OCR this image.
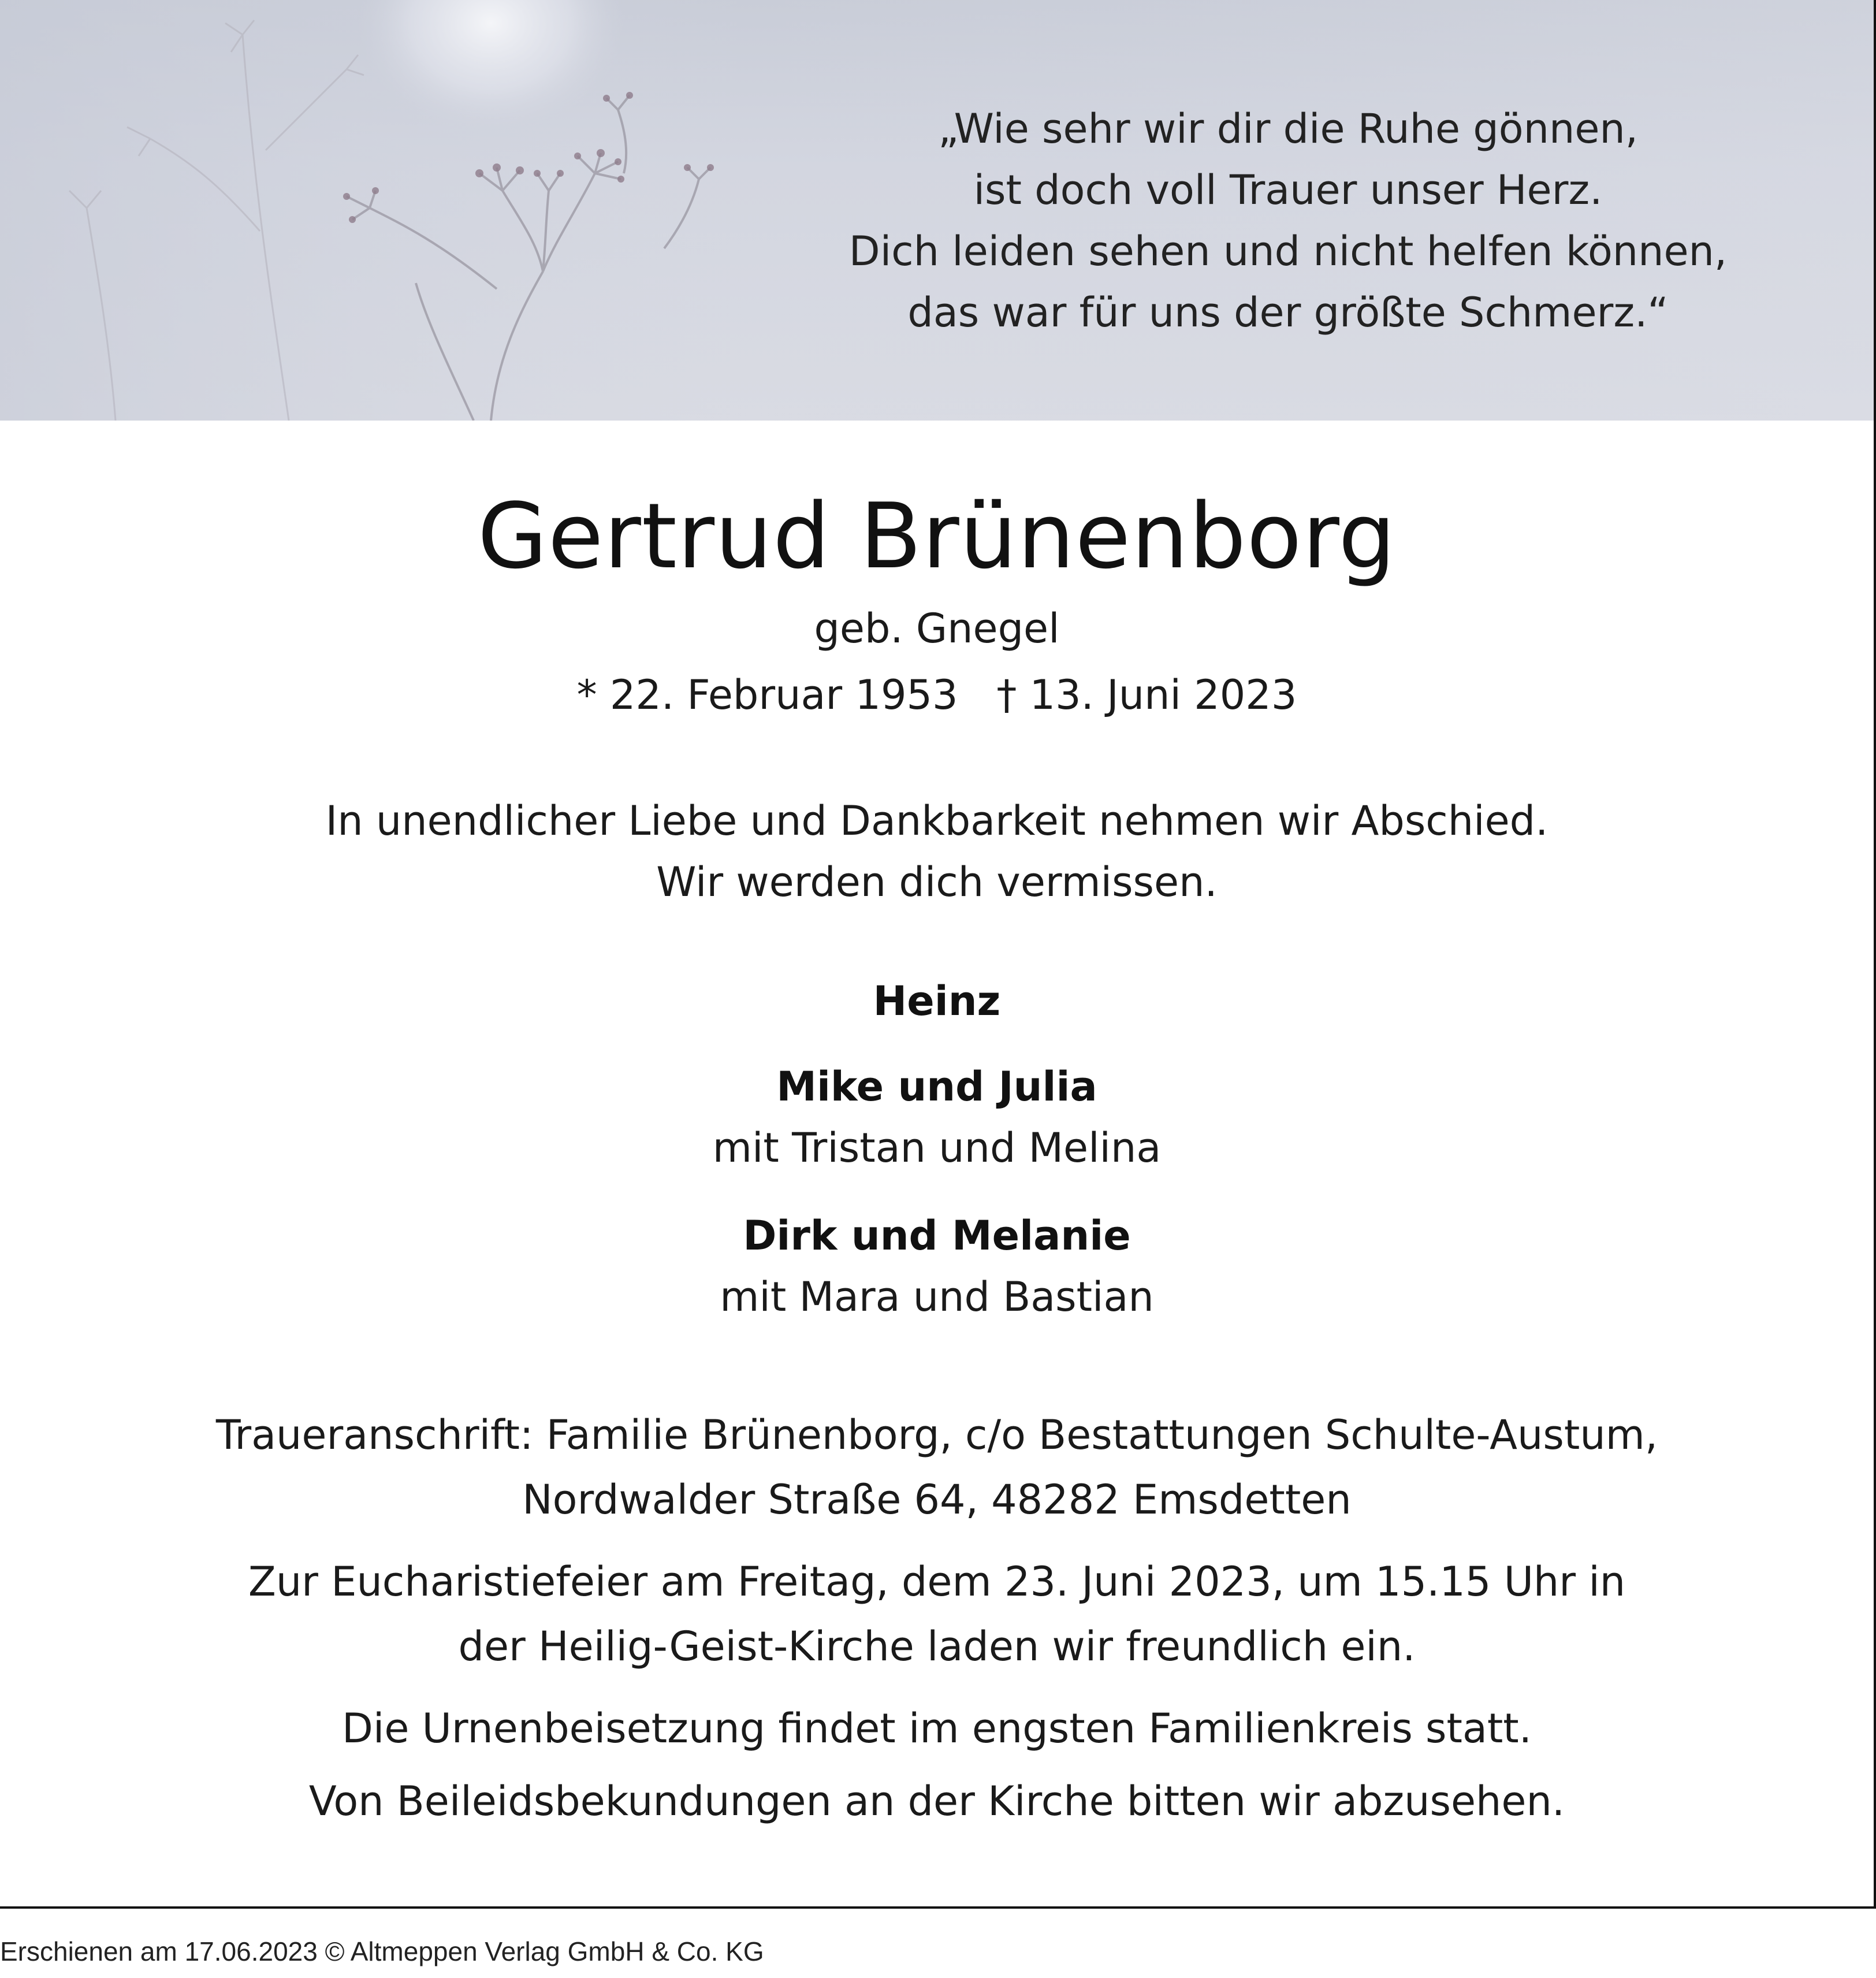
„Wie sehr wir dir die Ruhe gönnen,
ist doch voll Trauer unser Herz.
Dich leiden sehen und nicht helfen können,
das war für uns der größte Schmerz.“
Gertrud Brünenborg
geb. Gnegel
* 22. Februar 1953   † 13. Juni 2023
In unendlicher Liebe und Dankbarkeit nehmen wir Abschied.
Wir werden dich vermissen.
Heinz
Mike und Julia
mit Tristan und Melina
Dirk und Melanie
mit Mara und Bastian
Traueranschrift: Familie Brünenborg, c/o Bestattungen Schulte-Austum,
Nordwalder Straße 64, 48282 Emsdetten
Zur Eucharistiefeier am Freitag, dem 23. Juni 2023, um 15.15 Uhr in
der Heilig-Geist-Kirche laden wir freundlich ein.
Die Urnenbeisetzung findet im engsten Familienkreis statt.
Von Beileidsbekundungen an der Kirche bitten wir abzusehen.
Erschienen am 17.06.2023 © Altmeppen Verlag GmbH & Co. KG
